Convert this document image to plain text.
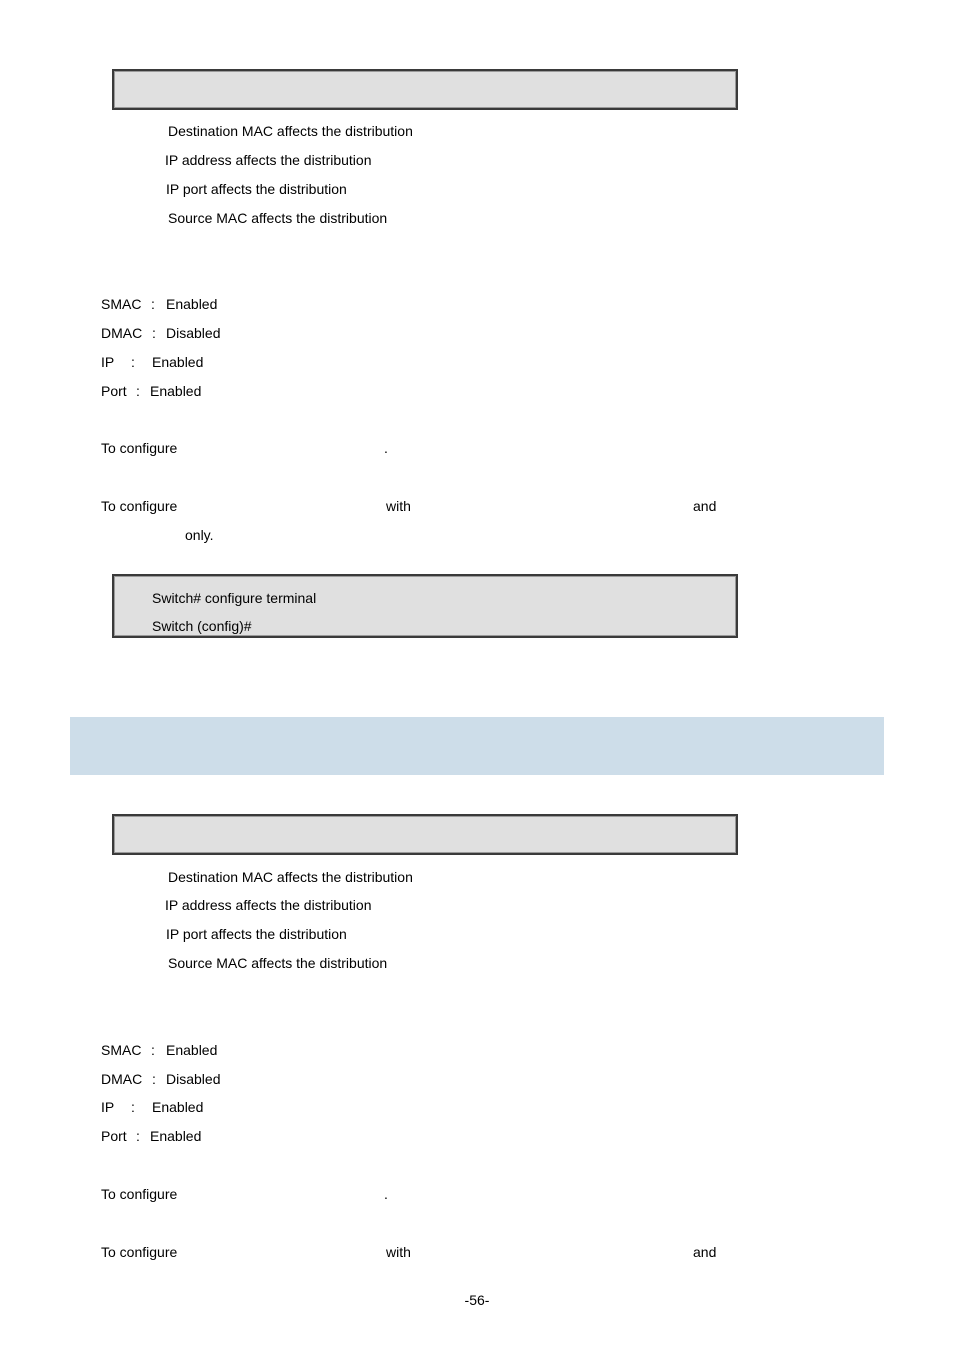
Destination MAC affects the distribution
IP address affects the distribution
IP port affects the distribution
Source MAC affects the distribution
SMAC : Enabled
DMAC : Disabled
IP : Enabled
Port : Enabled
To configure	.
To configure	with	and
only.
Switch# configure terminal
Switch (config)#
Destination MAC affects the distribution
IP address affects the distribution
IP port affects the distribution
Source MAC affects the distribution
SMAC : Enabled
DMAC : Disabled
IP : Enabled
Port : Enabled
To configure	.
To configure	with	and
-56-
